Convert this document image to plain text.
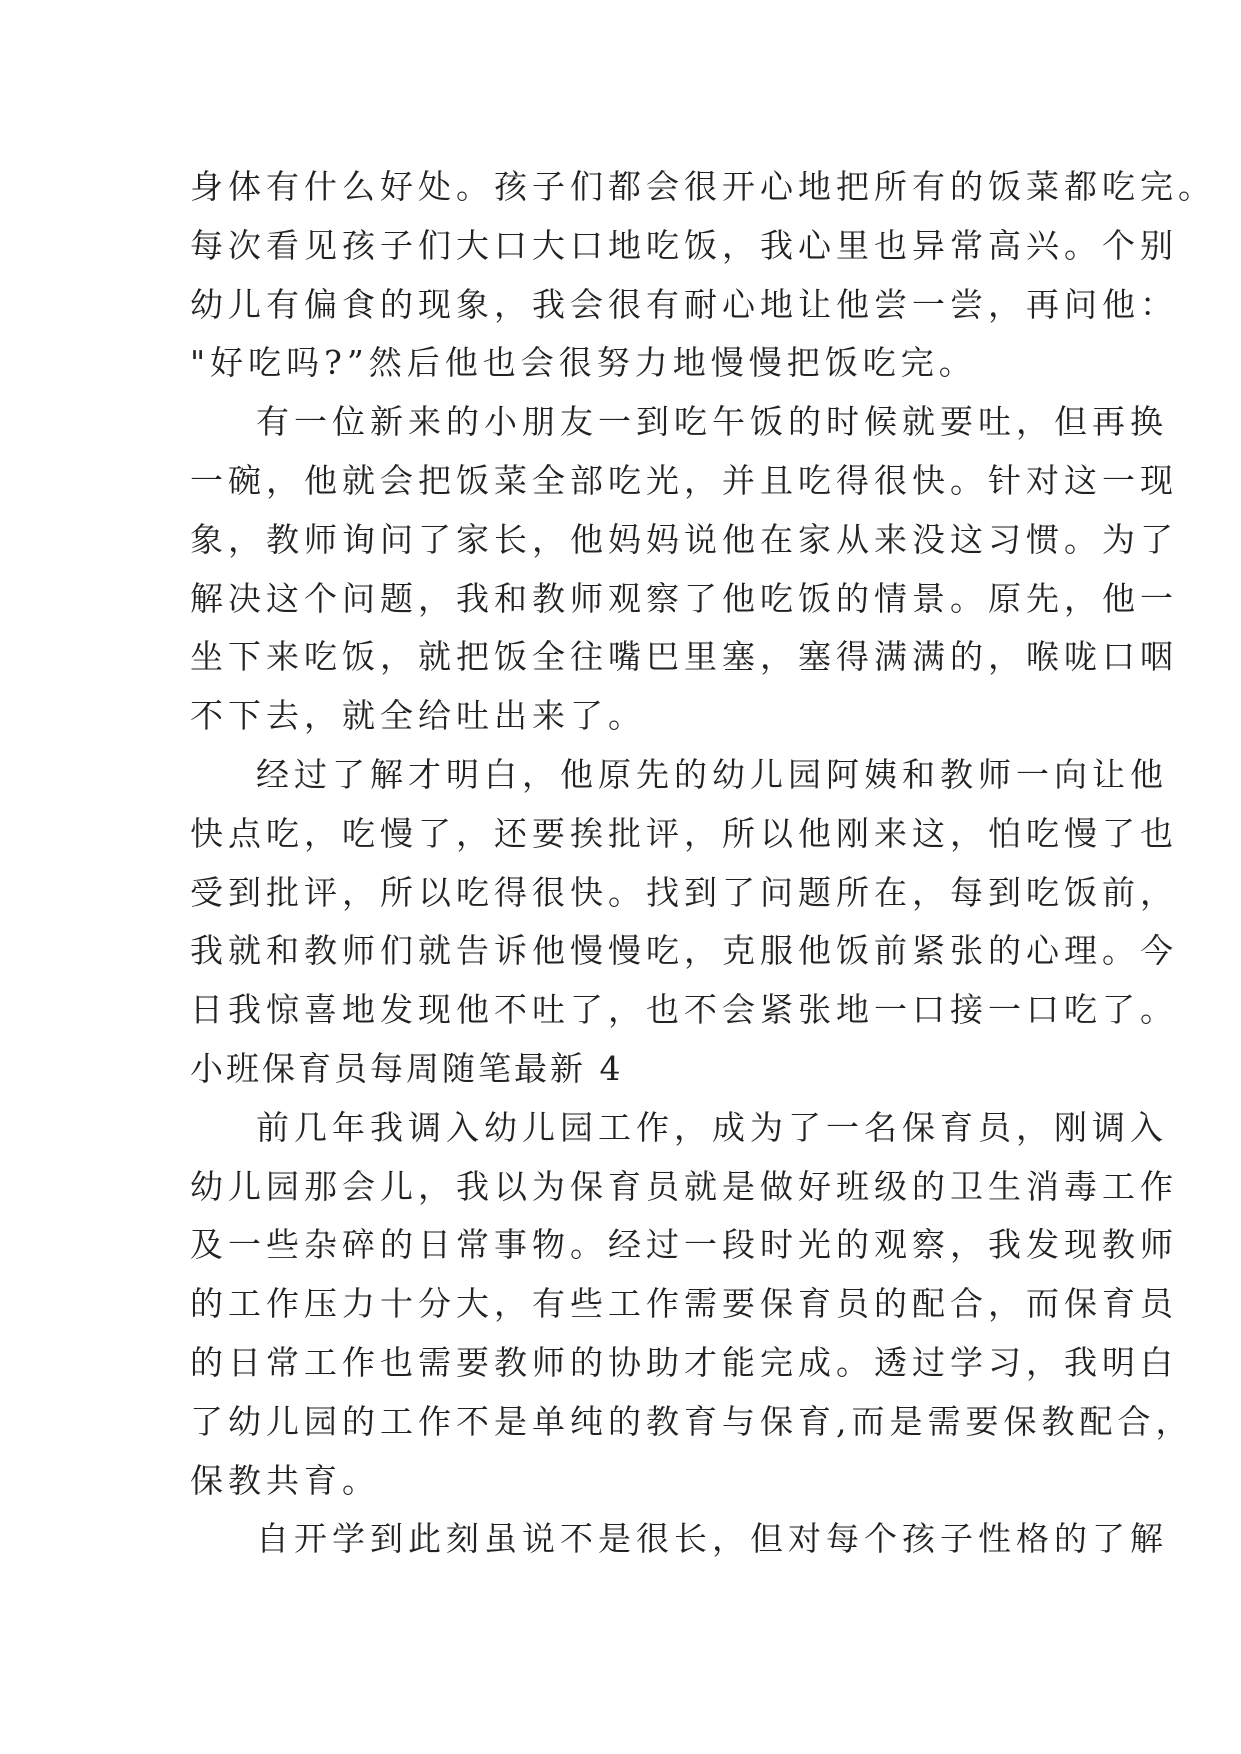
身体有什么好处。孩子们都会很开心地把所有的饭菜都吃完。
每次看见孩子们大口大口地吃饭，我心里也异常高兴。个别
幼儿有偏食的现象，我会很有耐心地让他尝一尝，再问他：
"好吃吗?”然后他也会很努力地慢慢把饭吃完。
有一位新来的小朋友一到吃午饭的时候就要吐，但再换
一碗，他就会把饭菜全部吃光，并且吃得很快。针对这一现
象，教师询问了家长，他妈妈说他在家从来没这习惯。为了
解决这个问题，我和教师观察了他吃饭的情景。原先，他一
坐下来吃饭，就把饭全往嘴巴里塞，塞得满满的，喉咙口咽
不下去，就全给吐出来了。
经过了解才明白，他原先的幼儿园阿姨和教师一向让他
快点吃，吃慢了，还要挨批评，所以他刚来这，怕吃慢了也
受到批评，所以吃得很快。找到了问题所在，每到吃饭前，
我就和教师们就告诉他慢慢吃，克服他饭前紧张的心理。今
日我惊喜地发现他不吐了，也不会紧张地一口接一口吃了。
小班保育员每周随笔最新 4
前几年我调入幼儿园工作，成为了一名保育员，刚调入
幼儿园那会儿，我以为保育员就是做好班级的卫生消毒工作
及一些杂碎的日常事物。经过一段时光的观察，我发现教师
的工作压力十分大，有些工作需要保育员的配合，而保育员
的日常工作也需要教师的协助才能完成。透过学习，我明白
了幼儿园的工作不是单纯的教育与保育,而是需要保教配合，
保教共育。
自开学到此刻虽说不是很长，但对每个孩子性格的了解
